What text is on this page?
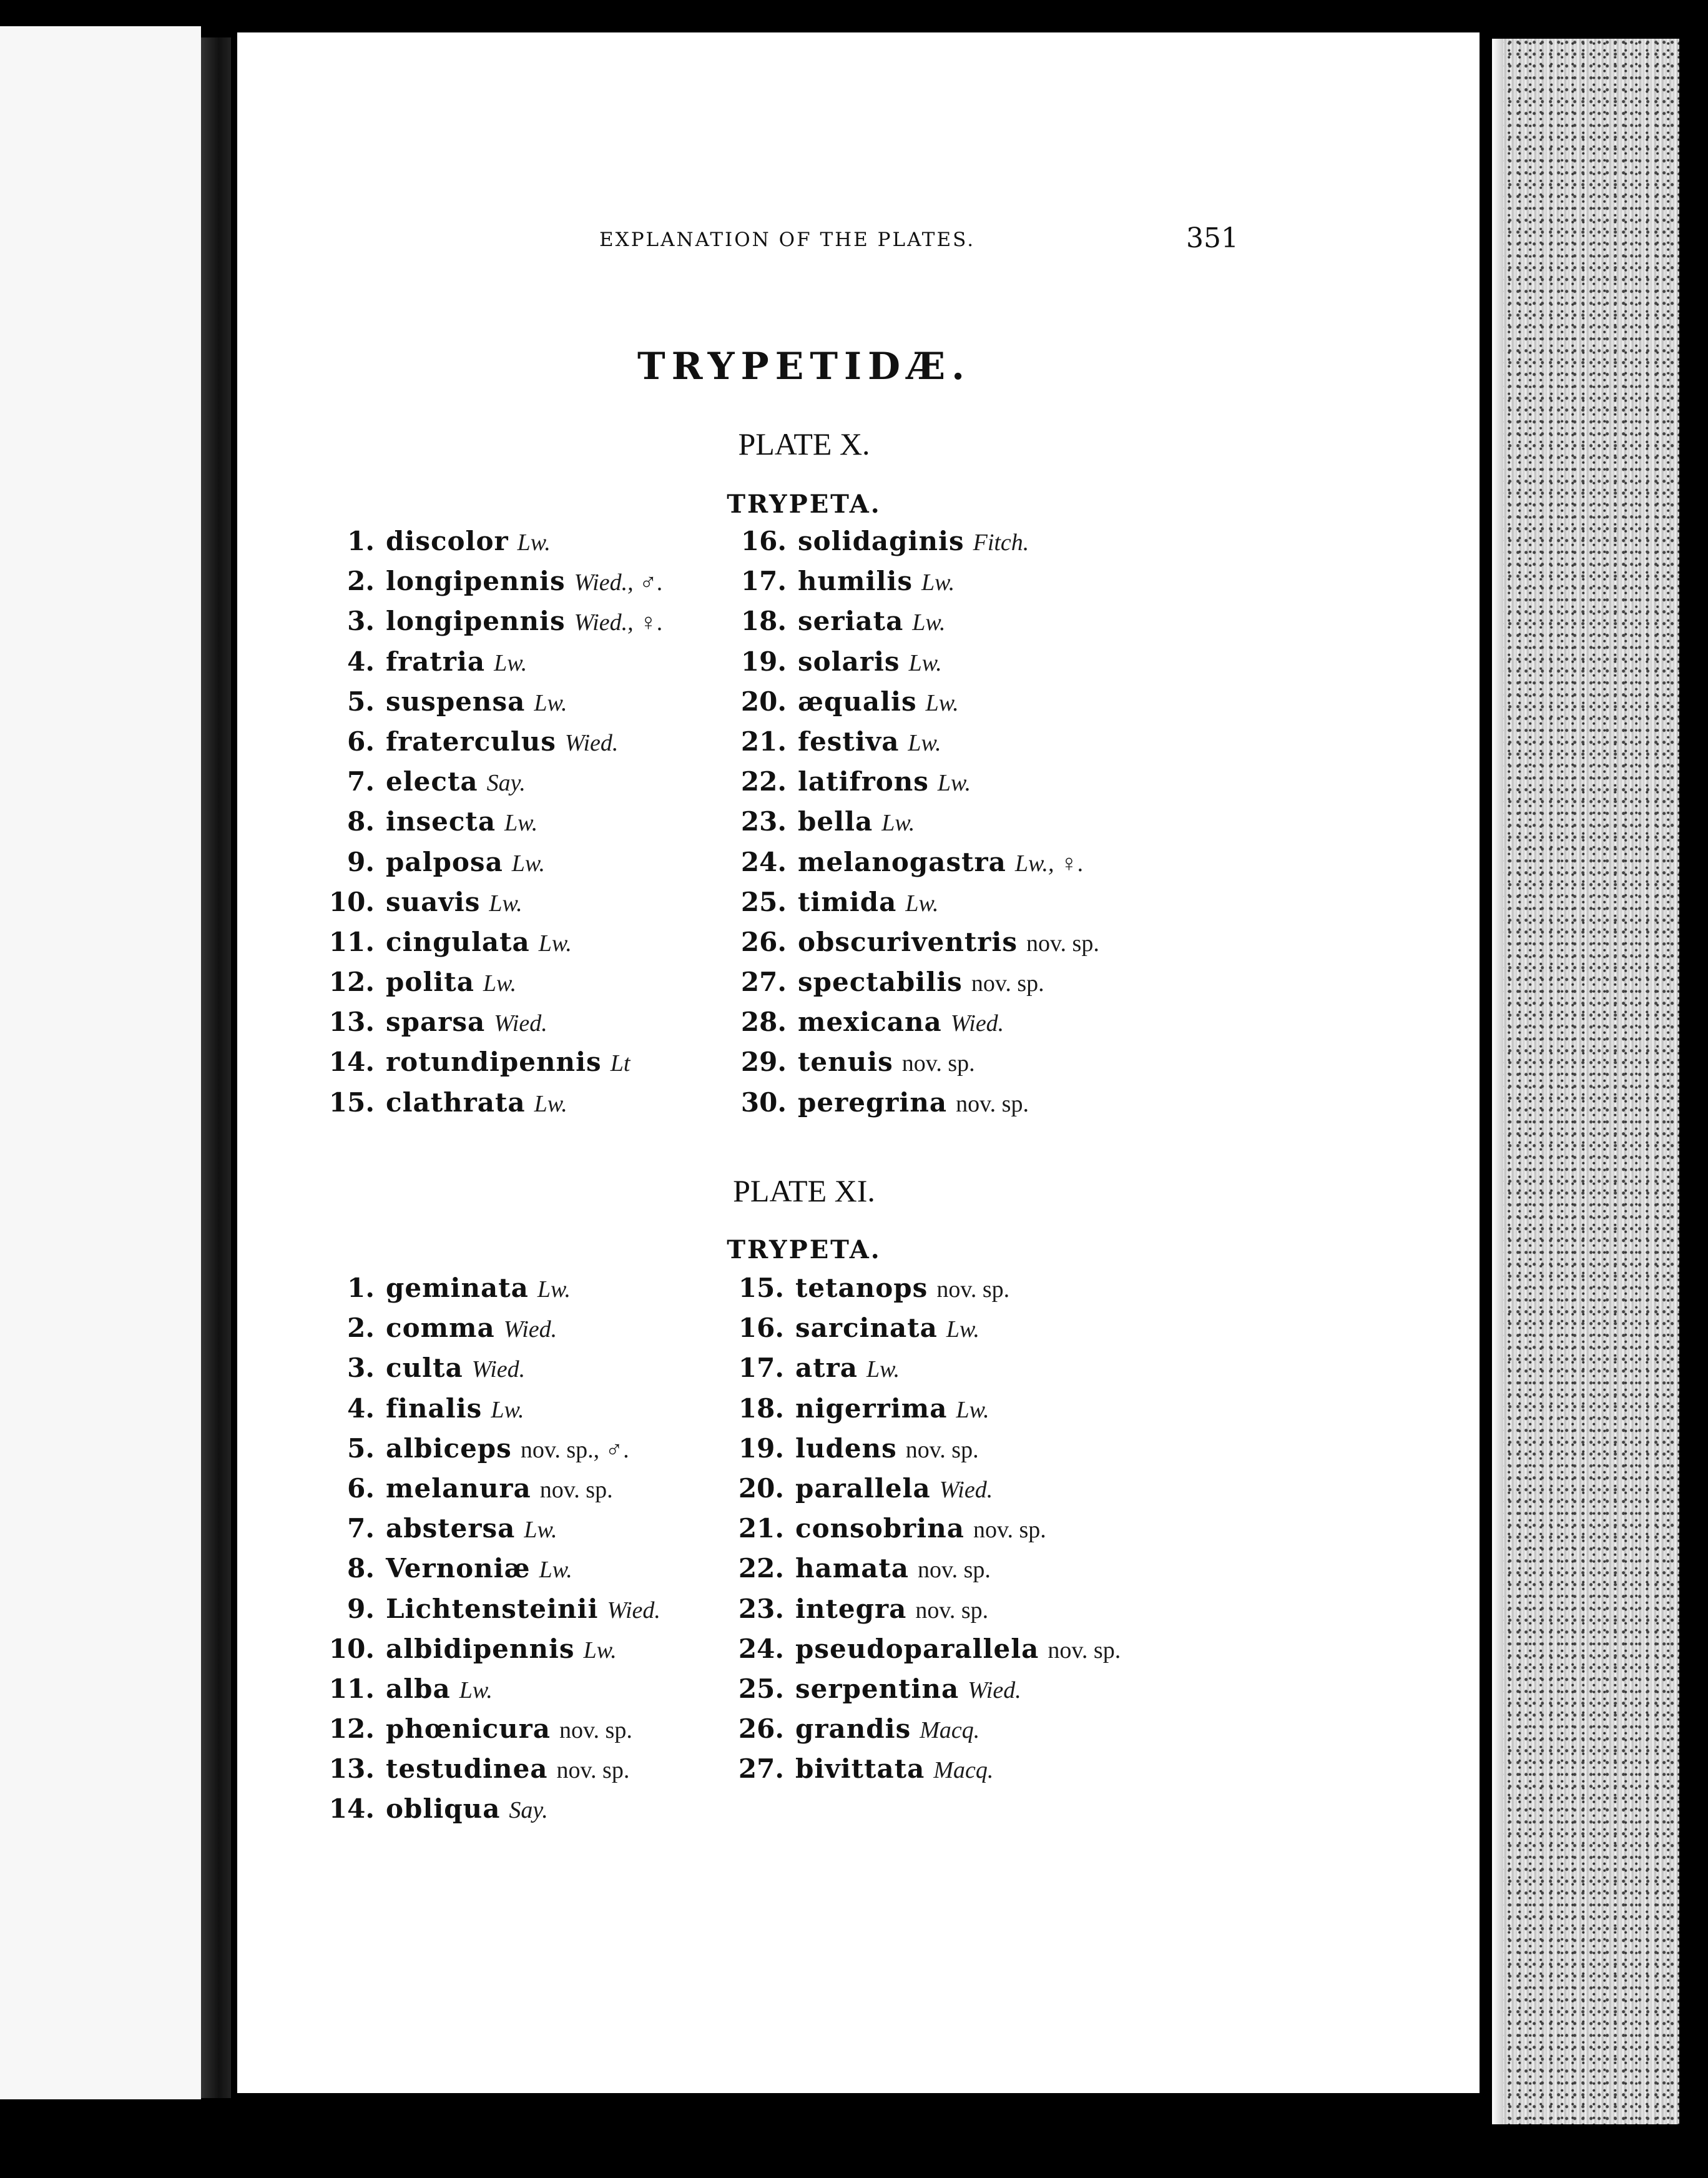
EXPLANATION OF THE PLATES.	351
TRYPETIDÆ.
PLATE X.
TRYPETA.
1. discolor Lw.
2. longipennis Wied., ♂.
3. longipennis Wied., ♀.
4. fratria Lw.
5. suspensa Lw.
6. fraterculus Wied.
7. electa Say.
8. insecta Lw.
9. palposa Lw.
10. suavis Lw.
11. cingulata Lw.
12. polita Lw.
13. sparsa Wied.
14. rotundipennis Lt
15. clathrata Lw.
16. solidaginis Fitch.
17. humilis Lw.
18. seriata Lw.
19. solaris Lw.
20. æqualis Lw.
21. festiva Lw.
22. latifrons Lw.
23. bella Lw.
24. melanogastra Lw., ♀.
25. timida Lw.
26. obscuriventris nov. sp.
27. spectabilis nov. sp.
28. mexicana Wied.
29. tenuis nov. sp.
30. peregrina nov. sp.
PLATE XI.
TRYPETA.
1. geminata Lw.
2. comma Wied.
3. culta Wied.
4. finalis Lw.
5. albiceps nov. sp., ♂.
6. melanura nov. sp.
7. abstersa Lw.
8. Vernoniæ Lw.
9. Lichtensteinii Wied.
10. albidipennis Lw.
11. alba Lw.
12. phœnicura nov. sp.
13. testudinea nov. sp.
14. obliqua Say.
15. tetanops nov. sp.
16. sarcinata Lw.
17. atra Lw.
18. nigerrima Lw.
19. ludens nov. sp.
20. parallela Wied.
21. consobrina nov. sp.
22. hamata nov. sp.
23. integra nov. sp.
24. pseudoparallela nov. sp.
25. serpentina Wied.
26. grandis Macq.
27. bivittata Macq.
